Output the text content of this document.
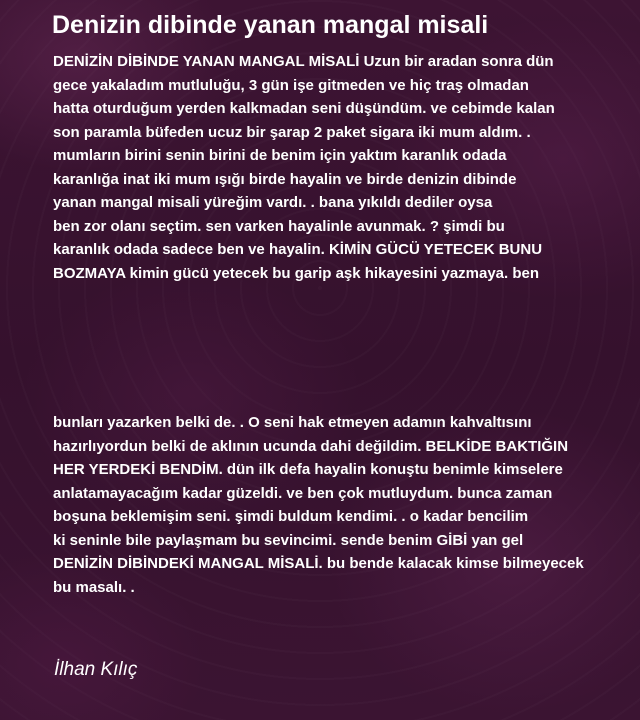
Denizin dibinde yanan mangal misali

DENİZİN DİBİNDE YANAN MANGAL MİSALİ Uzun bir aradan sonra dün
gece yakaladım mutluluğu, 3 gün işe gitmeden ve hiç traş olmadan
hatta oturduğum yerden kalkmadan seni düşündüm. ve cebimde kalan
son paramla büfeden ucuz bir şarap 2 paket sigara iki mum aldım. .
mumların birini senin birini de benim için yaktım karanlık odada
karanlığa inat iki mum ışığı birde hayalin ve birde denizin dibinde
yanan mangal misali yüreğim vardı. . bana yıkıldı dediler oysa
ben zor olanı seçtim. sen varken hayalinle avunmak. ? şimdi bu
karanlık odada sadece ben ve hayalin. KİMİN GÜCÜ YETECEK BUNU
BOZMAYA kimin gücü yetecek bu garip aşk hikayesini yazmaya. ben

bunları yazarken belki de. . O seni hak etmeyen adamın kahvaltısını
hazırlıyordun belki de aklının ucunda dahi değildim. BELKİDE BAKTIĞIN
HER YERDEKİ BENDİM. dün ilk defa hayalin konuştu benimle kimselere
anlatamayacağım kadar güzeldi. ve ben çok mutluydum. bunca zaman
boşuna beklemişim seni. şimdi buldum kendimi. . o kadar bencilim
ki seninle bile paylaşmam bu sevincimi. sende benim GİBİ yan gel
DENİZİN DİBİNDEKİ MANGAL MİSALİ. bu bende kalacak kimse bilmeyecek
bu masalı. .

İlhan Kılıç
